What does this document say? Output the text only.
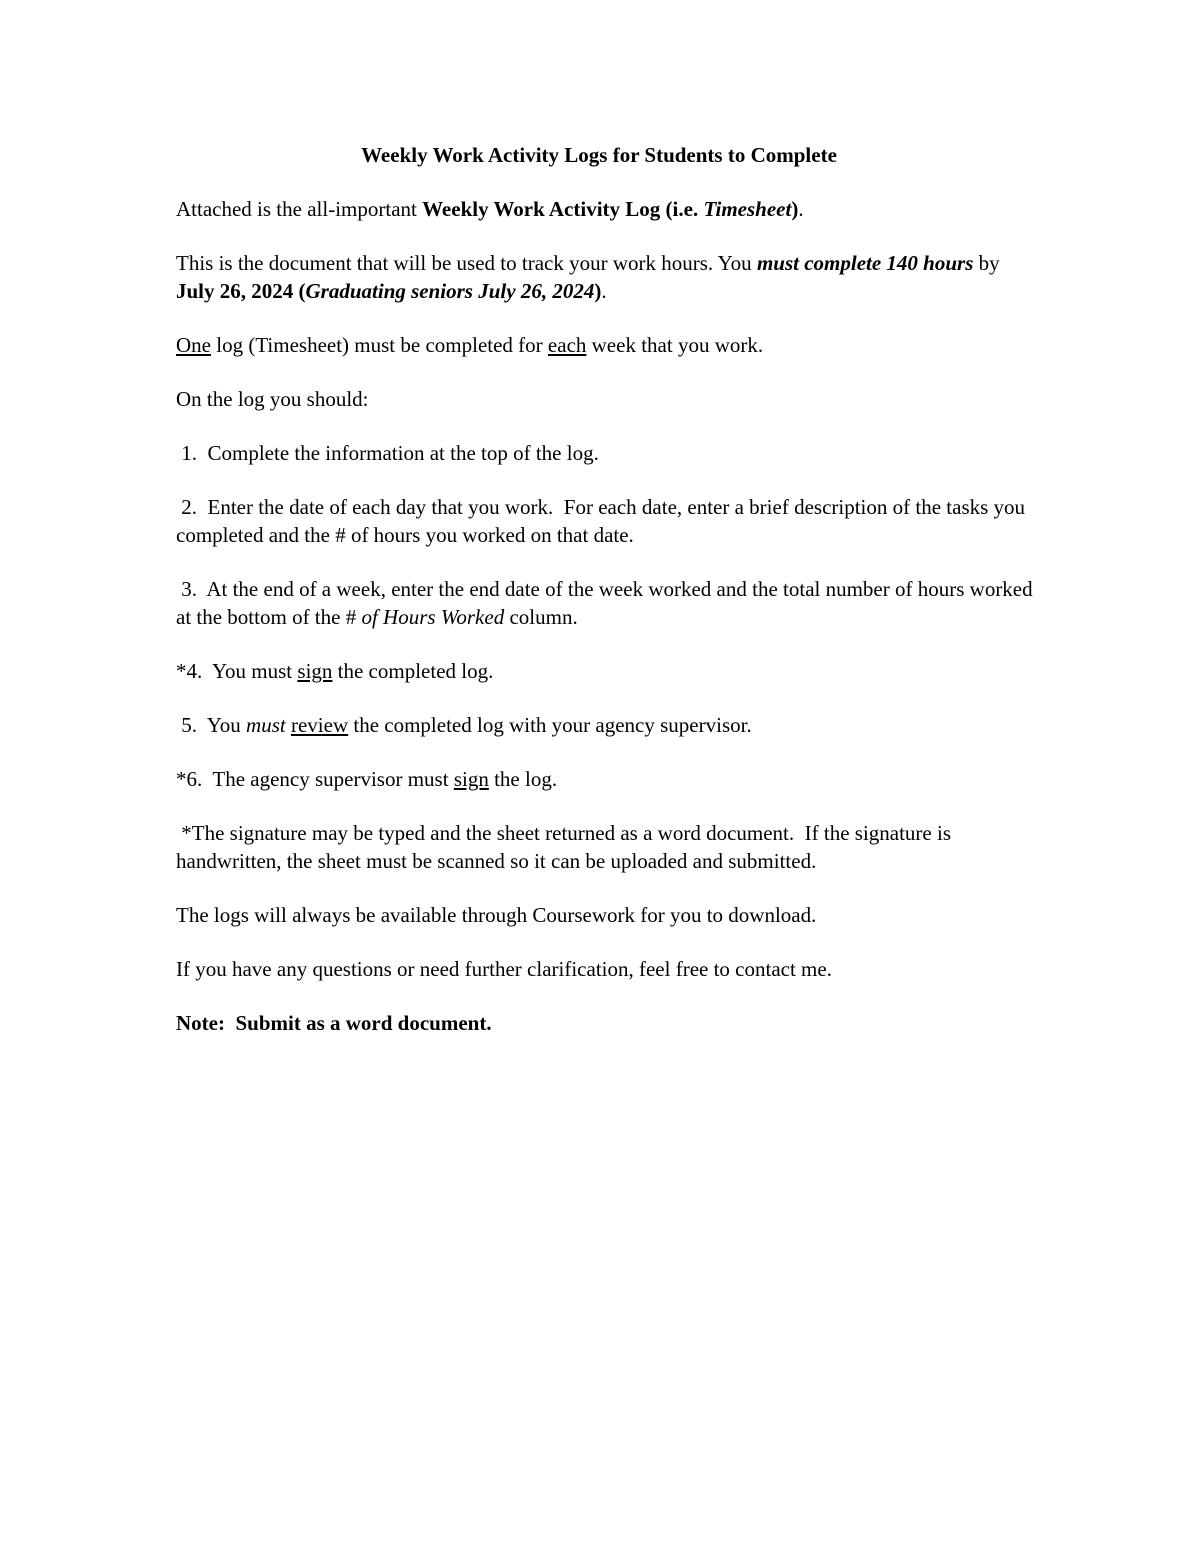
Weekly Work Activity Logs for Students to Complete

Attached is the all-important Weekly Work Activity Log (i.e. Timesheet).

This is the document that will be used to track your work hours. You must complete 140 hours by July 26, 2024 (Graduating seniors July 26, 2024).

One log (Timesheet) must be completed for each week that you work.

On the log you should:

1.  Complete the information at the top of the log.

2.  Enter the date of each day that you work.  For each date, enter a brief description of the tasks you completed and the # of hours you worked on that date.

3.  At the end of a week, enter the end date of the week worked and the total number of hours worked at the bottom of the # of Hours Worked column.

*4.  You must sign the completed log.

5.  You must review the completed log with your agency supervisor.

*6.  The agency supervisor must sign the log.

*The signature may be typed and the sheet returned as a word document.  If the signature is handwritten, the sheet must be scanned so it can be uploaded and submitted.

The logs will always be available through Coursework for you to download.

If you have any questions or need further clarification, feel free to contact me.

Note:  Submit as a word document.
